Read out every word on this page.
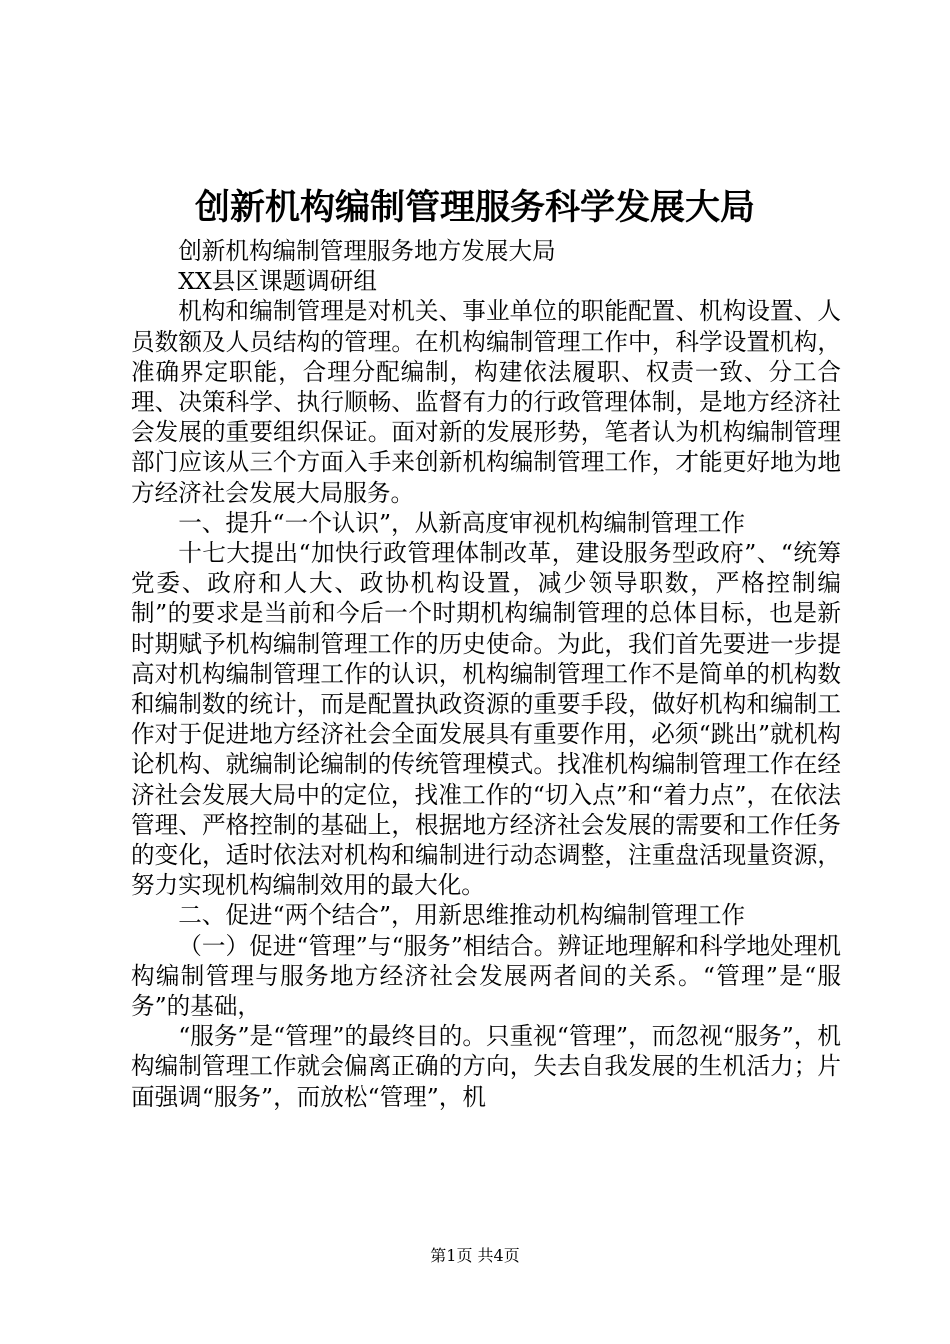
创新机构编制管理服务科学发展大局

创新机构编制管理服务地方发展大局

XX县区课题调研组

机构和编制管理是对机关、事业单位的职能配置、机构设置、人员数额及人员结构的管理。在机构编制管理工作中，科学设置机构，准确界定职能，合理分配编制，构建依法履职、权责一致、分工合理、决策科学、执行顺畅、监督有力的行政管理体制，是地方经济社会发展的重要组织保证。面对新的发展形势，笔者认为机构编制管理部门应该从三个方面入手来创新机构编制管理工作，才能更好地为地方经济社会发展大局服务。

一、提升“一个认识”，从新高度审视机构编制管理工作

十七大提出“加快行政管理体制改革，建设服务型政府”、“统筹党委、政府和人大、政协机构设置，减少领导职数，严格控制编制”的要求是当前和今后一个时期机构编制管理的总体目标，也是新时期赋予机构编制管理工作的历史使命。为此，我们首先要进一步提高对机构编制管理工作的认识，机构编制管理工作不是简单的机构数和编制数的统计，而是配置执政资源的重要手段，做好机构和编制工作对于促进地方经济社会全面发展具有重要作用，必须“跳出”就机构论机构、就编制论编制的传统管理模式。找准机构编制管理工作在经济社会发展大局中的定位，找准工作的“切入点”和“着力点”，在依法管理、严格控制的基础上，根据地方经济社会发展的需要和工作任务的变化，适时依法对机构和编制进行动态调整，注重盘活现量资源，努力实现机构编制效用的最大化。

二、促进“两个结合”，用新思维推动机构编制管理工作

（一）促进“管理”与“服务”相结合。辨证地理解和科学地处理机构编制管理与服务地方经济社会发展两者间的关系。“管理”是“服务”的基础，

“服务”是“管理”的最终目的。只重视“管理”，而忽视“服务”，机构编制管理工作就会偏离正确的方向，失去自我发展的生机活力；片面强调“服务”，而放松“管理”，机

第1页 共4页
